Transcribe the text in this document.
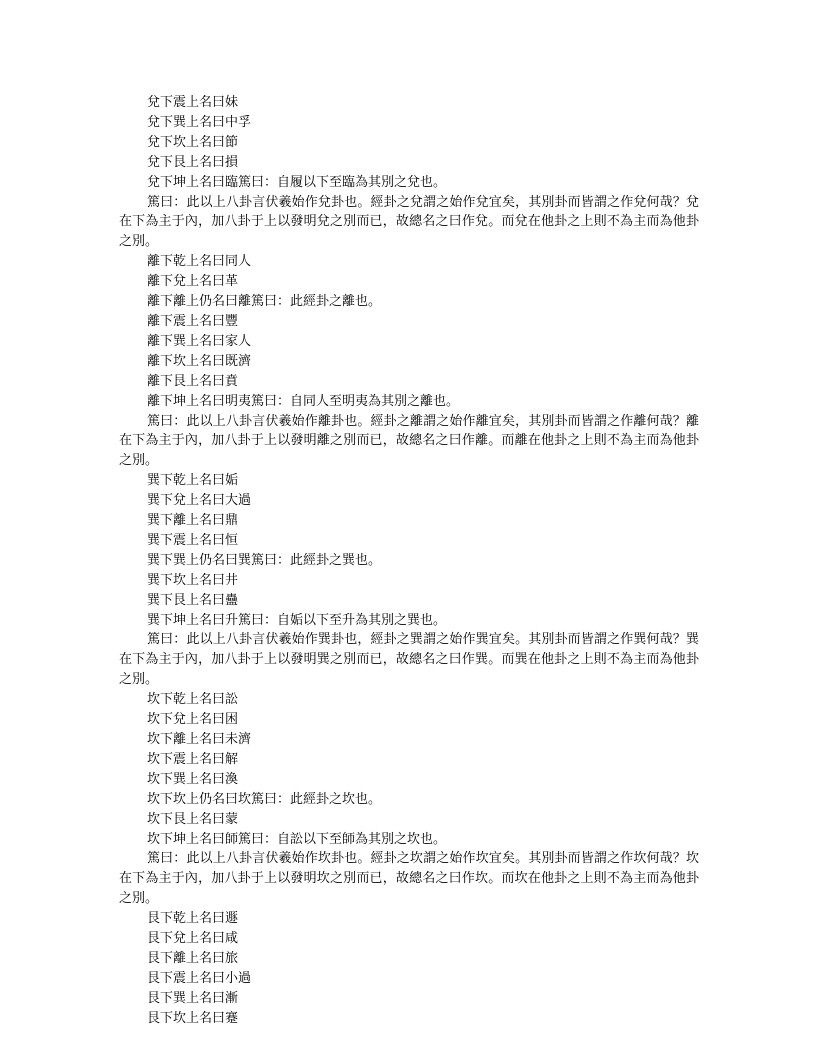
兌下震上名曰妹

兌下巽上名曰中孚

兌下坎上名曰節

兌下艮上名曰損

兌下坤上名曰臨篤曰：自履以下至臨為其別之兌也。

篤曰：此以上八卦言伏羲始作兌卦也。經卦之兌謂之始作兌宜矣，其別卦而皆謂之作兌何哉？兌在下為主于內，加八卦于上以發明兌之別而已，故總名之曰作兌。而兌在他卦之上則不為主而為他卦之別。

離下乾上名曰同人

離下兌上名曰革

離下離上仍名曰離篤曰：此經卦之離也。

離下震上名曰豐

離下巽上名曰家人

離下坎上名曰既濟

離下艮上名曰賁

離下坤上名曰明夷篤曰：自同人至明夷為其別之離也。

篤曰：此以上八卦言伏羲始作離卦也。經卦之離謂之始作離宜矣，其別卦而皆謂之作離何哉？離在下為主于內，加八卦于上以發明離之別而已，故總名之曰作離。而離在他卦之上則不為主而為他卦之別。

巽下乾上名曰姤

巽下兌上名曰大過

巽下離上名曰鼎

巽下震上名曰恒

巽下巽上仍名曰巽篤曰：此經卦之巽也。

巽下坎上名曰井

巽下艮上名曰蠱

巽下坤上名曰升篤曰：自姤以下至升為其別之巽也。

篤曰：此以上八卦言伏羲始作巽卦也，經卦之巽謂之始作巽宜矣。其別卦而皆謂之作巽何哉？巽在下為主于內，加八卦于上以發明巽之別而已，故總名之曰作巽。而巽在他卦之上則不為主而為他卦之別。

坎下乾上名曰訟

坎下兌上名曰困

坎下離上名曰未濟

坎下震上名曰解

坎下巽上名曰渙

坎下坎上仍名曰坎篤曰：此經卦之坎也。

坎下艮上名曰蒙

坎下坤上名曰師篤曰：自訟以下至師為其別之坎也。

篤曰：此以上八卦言伏羲始作坎卦也。經卦之坎謂之始作坎宜矣。其別卦而皆謂之作坎何哉？坎在下為主于內，加八卦于上以發明坎之別而已，故總名之曰作坎。而坎在他卦之上則不為主而為他卦之別。

艮下乾上名曰遯

艮下兌上名曰咸

艮下離上名曰旅

艮下震上名曰小過

艮下巽上名曰漸

艮下坎上名曰蹇
